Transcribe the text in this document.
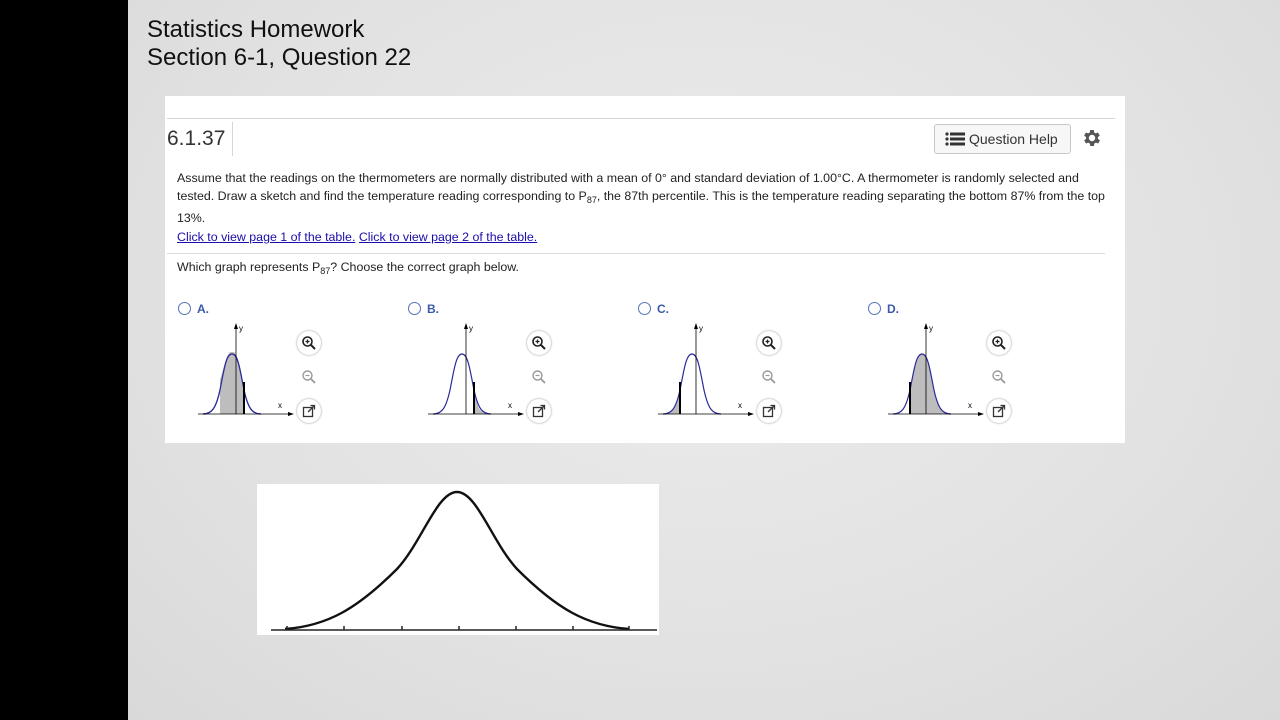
Statistics Homework
Section 6-1, Question 22
6.1.37	Question Help
Assume that the readings on the thermometers are normally distributed with a mean of 0° and standard deviation of 1.00°C. A thermometer is randomly selected and tested. Draw a sketch and find the temperature reading corresponding to $P_{87}$, the 87th percentile. This is the temperature reading separating the bottom 87% from the top 13%.
Click to view page 1 of the table. Click to view page 2 of the table.
Which graph represents $P_{87}$? Choose the correct graph below.
A.
y
x
B.
y
x
C.
y
x
D.
y
x
